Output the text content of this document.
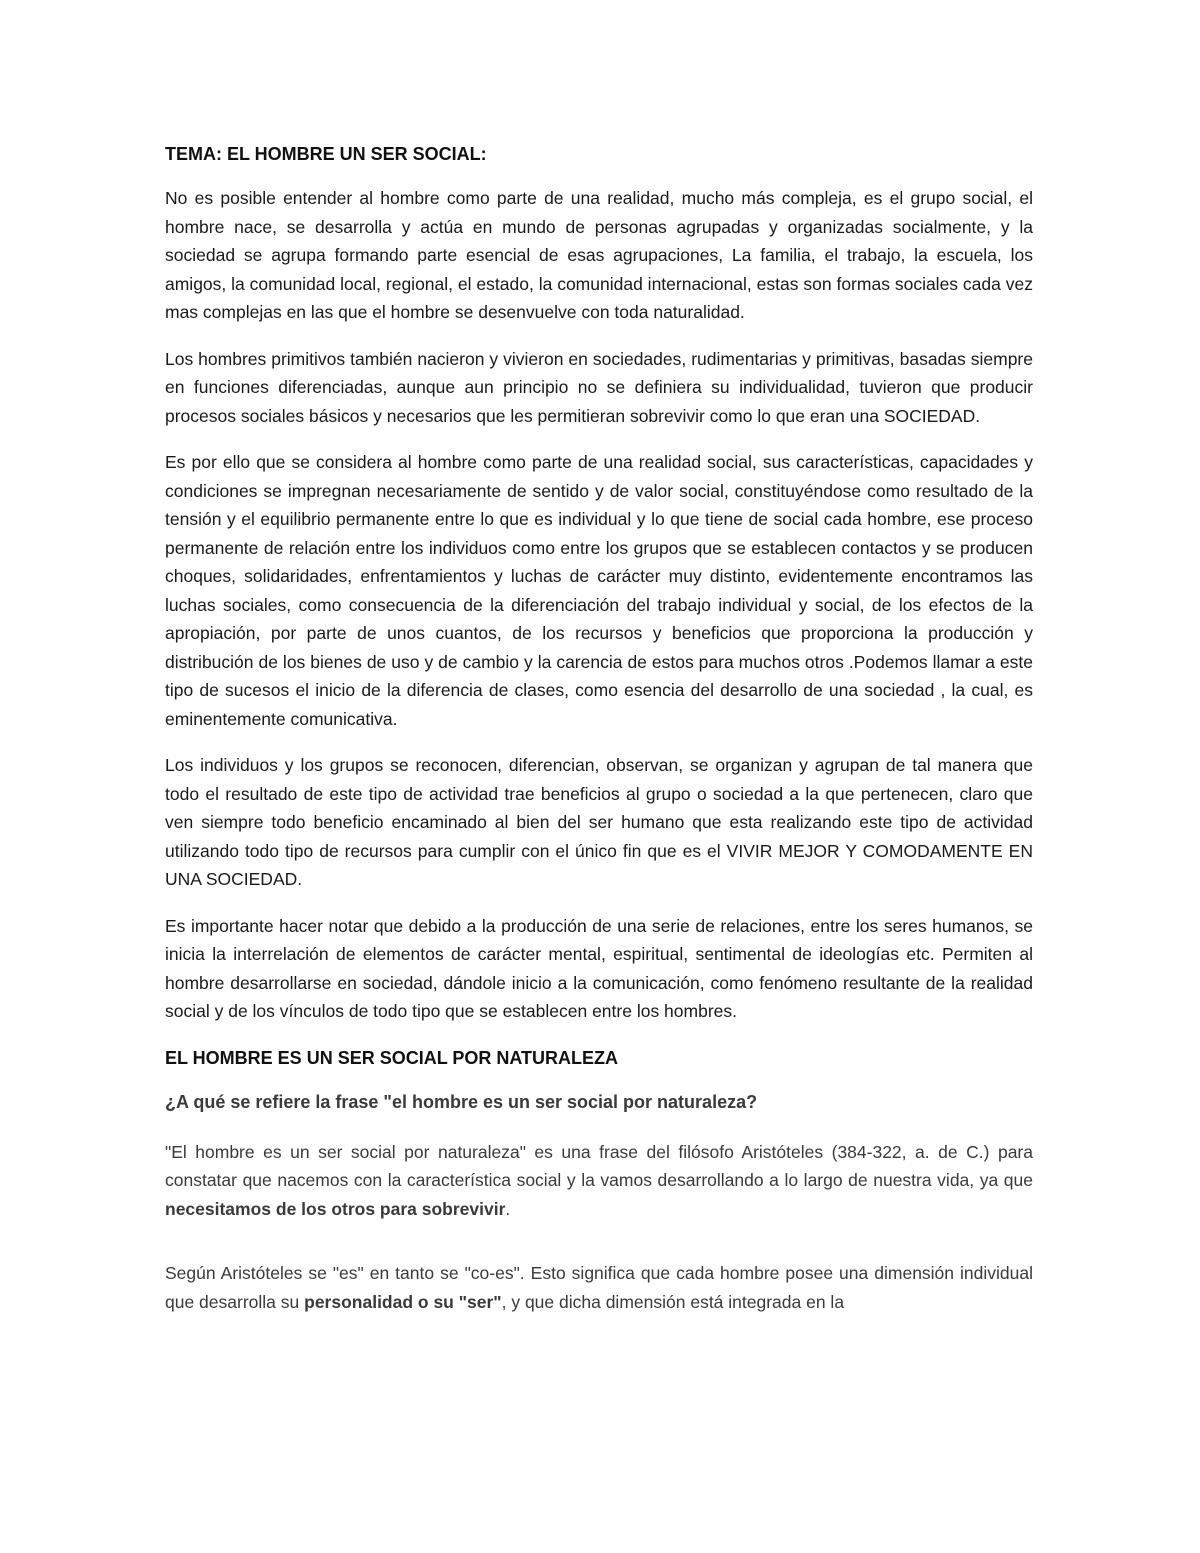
TEMA: EL HOMBRE UN SER SOCIAL:

No es posible entender al hombre como parte de una realidad, mucho más compleja, es el grupo social, el hombre nace, se desarrolla y actúa en mundo de personas agrupadas y organizadas socialmente, y la sociedad se agrupa formando parte esencial de esas agrupaciones, La familia, el trabajo, la escuela, los amigos, la comunidad local, regional, el estado, la comunidad internacional, estas son formas sociales cada vez mas complejas en las que el hombre se desenvuelve con toda naturalidad.

Los hombres primitivos también nacieron y vivieron en sociedades, rudimentarias y primitivas, basadas siempre en funciones diferenciadas, aunque aun principio no se definiera su individualidad, tuvieron que producir procesos sociales básicos y necesarios que les permitieran sobrevivir como lo que eran una SOCIEDAD.

Es por ello que se considera al hombre como parte de una realidad social, sus características, capacidades y condiciones se impregnan necesariamente de sentido y de valor social, constituyéndose como resultado de la tensión y el equilibrio permanente entre lo que es individual y lo que tiene de social cada hombre, ese proceso permanente de relación entre los individuos como entre los grupos que se establecen contactos y se producen choques, solidaridades, enfrentamientos y luchas de carácter muy distinto, evidentemente encontramos las luchas sociales, como consecuencia de la diferenciación del trabajo individual y social, de los efectos de la apropiación, por parte de unos cuantos, de los recursos y beneficios que proporciona la producción y distribución de los bienes de uso y de cambio y la carencia de estos para muchos otros .Podemos llamar a este tipo de sucesos el inicio de la diferencia de clases, como esencia del desarrollo de una sociedad , la cual, es eminentemente comunicativa.

Los individuos y los grupos se reconocen, diferencian, observan, se organizan y agrupan de tal manera que todo el resultado de este tipo de actividad trae beneficios al grupo o sociedad a la que pertenecen, claro que ven siempre todo beneficio encaminado al bien del ser humano que esta realizando este tipo de actividad utilizando todo tipo de recursos para cumplir con el único fin que es el VIVIR MEJOR Y COMODAMENTE EN UNA SOCIEDAD.

Es importante hacer notar que debido a la producción de una serie de relaciones, entre los seres humanos, se inicia la interrelación de elementos de carácter mental, espiritual, sentimental de ideologías etc. Permiten al hombre desarrollarse en sociedad, dándole inicio a la comunicación, como fenómeno resultante de la realidad social y de los vínculos de todo tipo que se establecen entre los hombres.

EL HOMBRE ES UN SER SOCIAL POR NATURALEZA
¿A qué se refiere la frase "el hombre es un ser social por naturaleza?

"El hombre es un ser social por naturaleza" es una frase del filósofo Aristóteles (384-322, a. de C.) para constatar que nacemos con la característica social y la vamos desarrollando a lo largo de nuestra vida, ya que necesitamos de los otros para sobrevivir.

Según Aristóteles se "es" en tanto se "co-es". Esto significa que cada hombre posee una dimensión individual que desarrolla su personalidad o su "ser", y que dicha dimensión está integrada en la
